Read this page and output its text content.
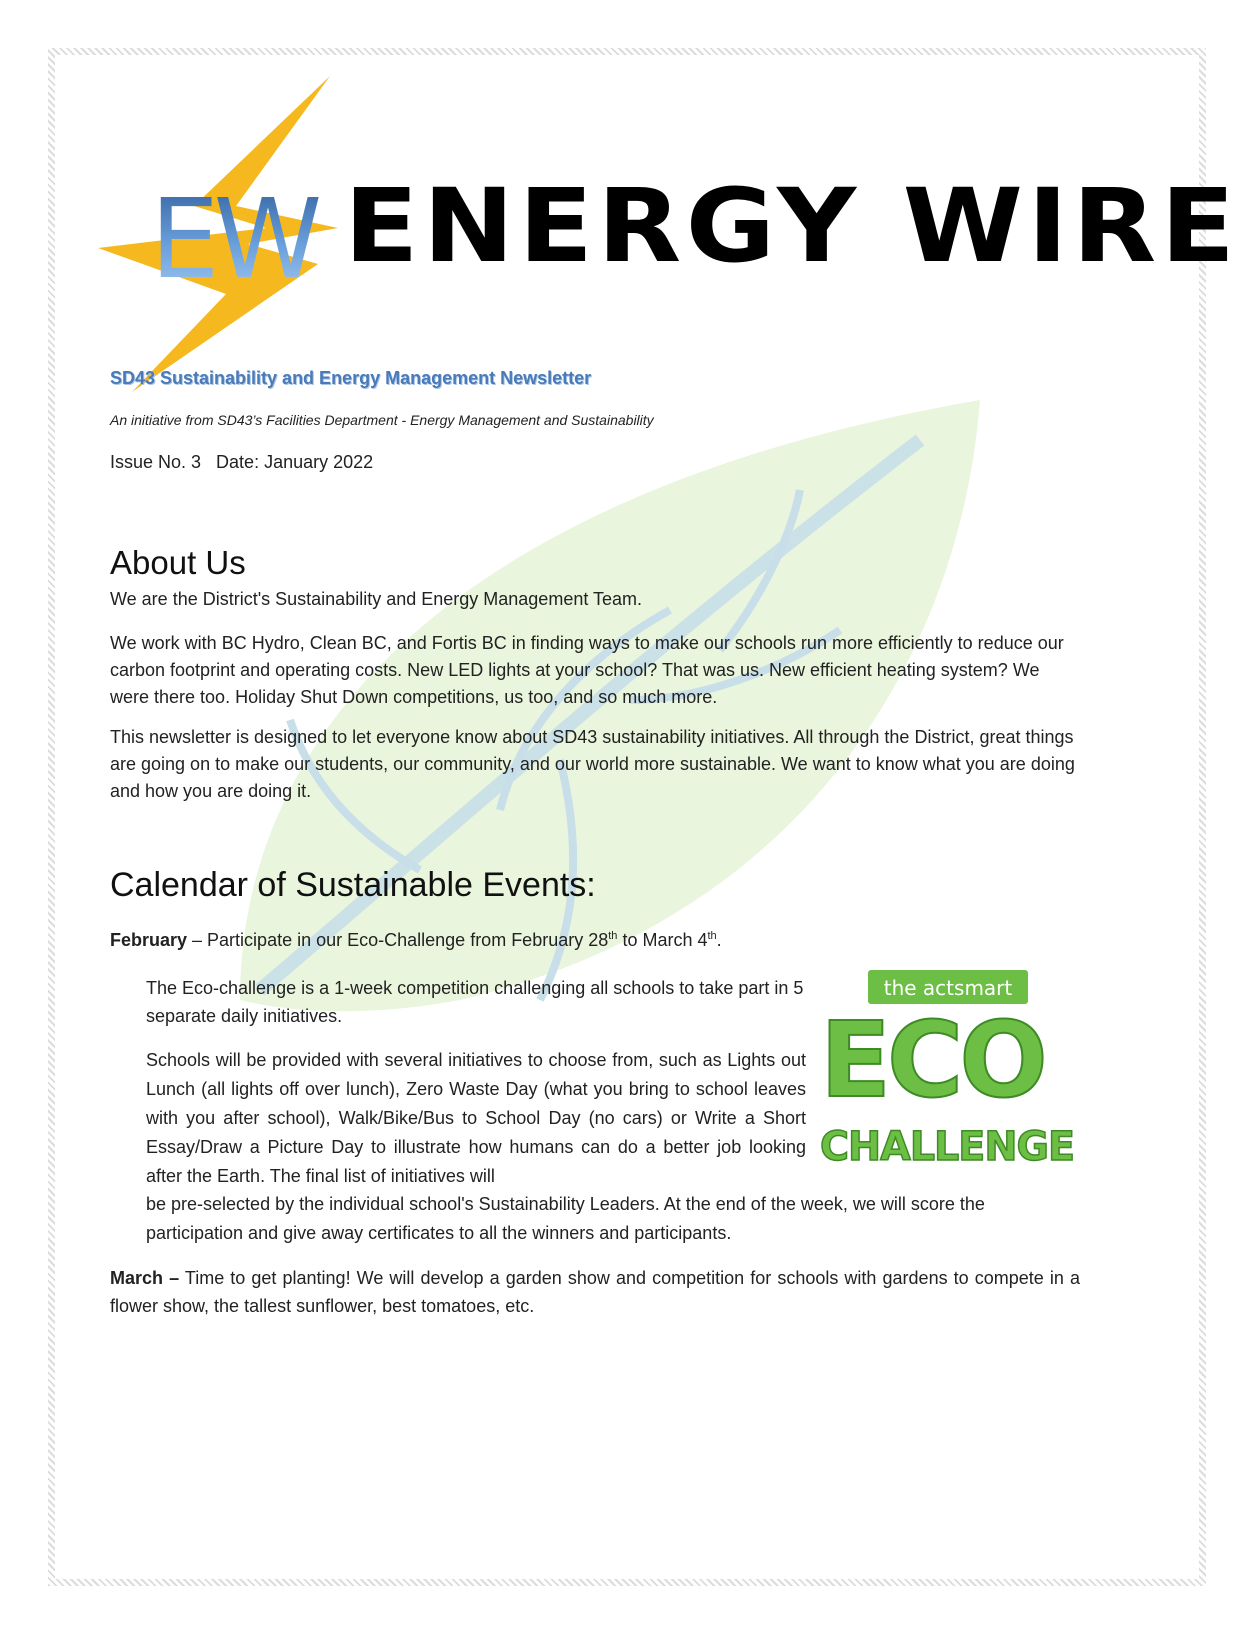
EW ENERGY WIRE
SD43 Sustainability and Energy Management Newsletter
An initiative from SD43’s Facilities Department - Energy Management and Sustainability
Issue No. 3   Date: January 2022
About Us

We are the District's Sustainability and Energy Management Team.

We work with BC Hydro, Clean BC, and Fortis BC in finding ways to make our schools run more efficiently to reduce our carbon footprint and operating costs. New LED lights at your school? That was us. New efficient heating system? We were there too. Holiday Shut Down competitions, us too, and so much more.

This newsletter is designed to let everyone know about SD43 sustainability initiatives. All through the District, great things are going on to make our students, our community, and our world more sustainable. We want to know what you are doing and how you are doing it.

Calendar of Sustainable Events:
February – Participate in our Eco-Challenge from February 28th to March 4th.

The Eco-challenge is a 1-week competition challenging all schools to take part in 5 separate daily initiatives.

Schools will be provided with several initiatives to choose from, such as Lights out Lunch (all lights off over lunch), Zero Waste Day (what you bring to school leaves with you after school), Walk/Bike/Bus to School Day (no cars) or Write a Short Essay/Draw a Picture Day to illustrate how humans can do a better job looking after the Earth. The final list of initiatives will

be pre-selected by the individual school's Sustainability Leaders. At the end of the week, we will score the participation and give away certificates to all the winners and participants.

March – Time to get planting! We will develop a garden show and competition for schools with gardens to compete in a flower show, the tallest sunflower, best tomatoes, etc.

the actsmart
ECO
CHALLENGE
